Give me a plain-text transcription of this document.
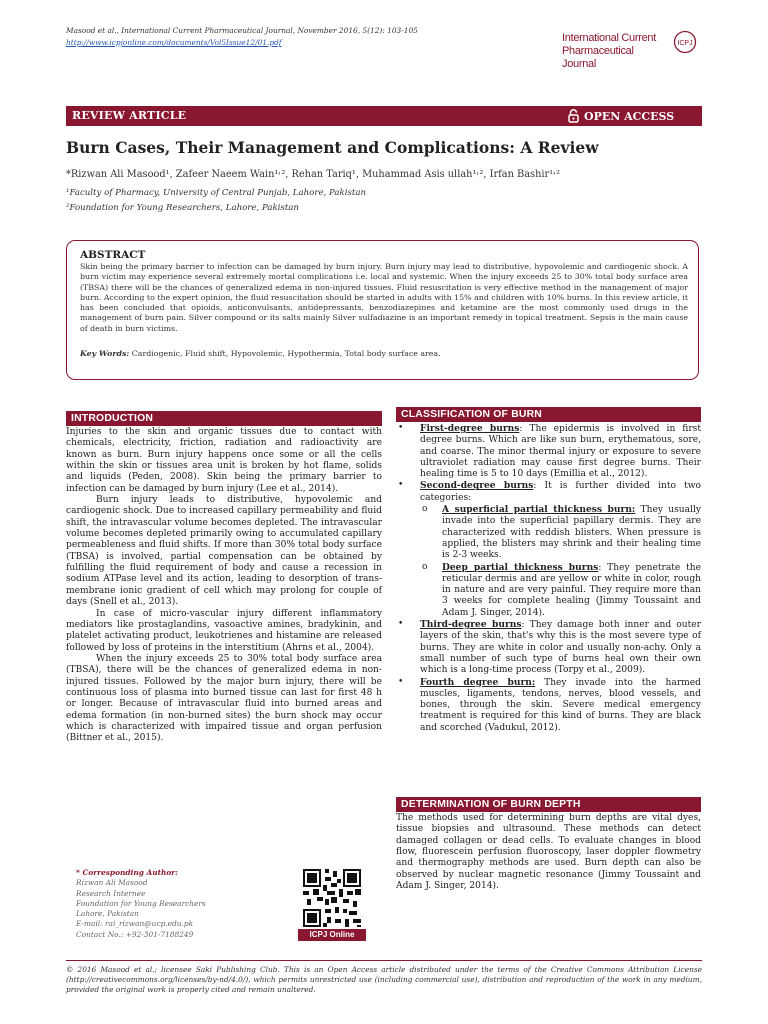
Masood et al., International Current Pharmaceutical Journal, November 2016, 5(12): 103-105
http://www.icpjonline.com/documents/Vol5Issue12/01.pdf	International Current
Pharmaceutical Journal
ICPJ
REVIEW ARTICLE	OPEN ACCESS
Burn Cases, Their Management and Complications: A Review
*Rizwan Ali Masood¹, Zafeer Naeem Wain¹˒², Rehan Tariq¹, Muhammad Asis ullah¹˒², Irfan Bashir¹˒²
¹Faculty of Pharmacy, University of Central Punjab, Lahore, Pakistan
²Foundation for Young Researchers, Lahore, Pakistan
ABSTRACT
Skin being the primary barrier to infection can be damaged by burn injury. Burn injury may lead to distributive, hypovolemic and cardiogenic shock. A burn victim may experience several extremely mortal complications i.e. local and systemic. When the injury exceeds 25 to 30% total body surface area (TBSA) there will be the chances of generalized edema in non-injured tissues. Fluid resuscitation is very effective method in the management of major burn. According to the expert opinion, the fluid resuscitation should be started in adults with 15% and children with 10% burns. In this review article, it has been concluded that opioids, anticonvulsants, antidepressants, benzodiazepines and ketamine are the most commonly used drugs in the management of burn pain. Silver compound or its salts mainly Silver sulfadiazine is an important remedy in topical treatment. Sepsis is the main cause of death in burn victims.
Key Words: Cardiogenic, Fluid shift, Hypovolemic, Hypothermia, Total body surface area.
INTRODUCTION

Injuries to the skin and organic tissues due to contact with chemicals, electricity, friction, radiation and radioactivity are known as burn. Burn injury happens once some or all the cells within the skin or tissues area unit is broken by hot flame, solids and liquids (Peden, 2008). Skin being the primary barrier to infection can be damaged by burn injury (Lee et al., 2014).

Burn injury leads to distributive, hypovolemic and cardiogenic shock. Due to increased capillary permeability and fluid shift, the intravascular volume becomes depleted. The intravascular volume becomes depleted primarily owing to accumulated capillary permeableness and fluid shifts. If more than 30% total body surface (TBSA) is involved, partial compensation can be obtained by fulfilling the fluid requirement of body and cause a recession in sodium ATPase level and its action, leading to desorption of trans-membrane ionic gradient of cell which may prolong for couple of days (Snell et al., 2013).

In case of micro-vascular injury different inflammatory mediators like prostaglandins, vasoactive amines, bradykinin, and platelet activating product, leukotrienes and histamine are released followed by loss of proteins in the interstitium (Ahrns et al., 2004).

When the injury exceeds 25 to 30% total body surface area (TBSA), there will be the chances of generalized edema in non-injured tissues. Followed by the major burn injury, there will be continuous loss of plasma into burned tissue can last for first 48 h or longer. Because of intravascular fluid into burned areas and edema formation (in non-burned sites) the burn shock may occur which is characterized with impaired tissue and organ perfusion (Bittner et al., 2015).

CLASSIFICATION OF BURN
• First-degree burns: The epidermis is involved in first degree burns. Which are like sun burn, erythematous, sore, and coarse. The minor thermal injury or exposure to severe ultraviolet radiation may cause first degree burns. Their healing time is 5 to 10 days (Emillia et al., 2012).
• Second-degree burns: It is further divided into two categories:
o A superficial partial thickness burn: They usually invade into the superficial papillary dermis. They are characterized with reddish blisters. When pressure is applied, the blisters may shrink and their healing time is 2-3 weeks.
o Deep partial thickness burns: They penetrate the reticular dermis and are yellow or white in color, rough in nature and are very painful. They require more than 3 weeks for complete healing (Jimmy Toussaint and Adam J. Singer, 2014).
• Third-degree burns: They damage both inner and outer layers of the skin, that's why this is the most severe type of burns. They are white in color and usually non-achy. Only a small number of such type of burns heal own their own which is a long-time process (Torpy et al., 2009).
• Fourth degree burn: They invade into the harmed muscles, ligaments, tendons, nerves, blood vessels, and bones, through the skin. Severe medical emergency treatment is required for this kind of burns. They are black and scorched (Vadukul, 2012).
DETERMINATION OF BURN DEPTH

The methods used for determining burn depths are vital dyes, tissue biopsies and ultrasound. These methods can detect damaged collagen or dead cells. To evaluate changes in blood flow, fluorescein perfusion fluoroscopy, laser doppler flowmetry and thermography methods are used. Burn depth can also be observed by nuclear magnetic resonance (Jimmy Toussaint and Adam J. Singer, 2014).

* Corresponding Author:
Rizwan Ali Masood
Research Internee
Foundation for Young Researchers
Lahore, Pakistan
E-mail: rai_rizwan@ucp.edu.pk
Contact No.: +92-301-7188249	ICPJ Online
© 2016 Masood et al.; licensee Saki Publishing Club. This is an Open Access article distributed under the terms of the Creative Commons Attribution License (http://creativecommons.org/licenses/by-nd/4.0/), which permits unrestricted use (including commercial use), distribution and reproduction of the work in any medium, provided the original work is properly cited and remain unaltered.
